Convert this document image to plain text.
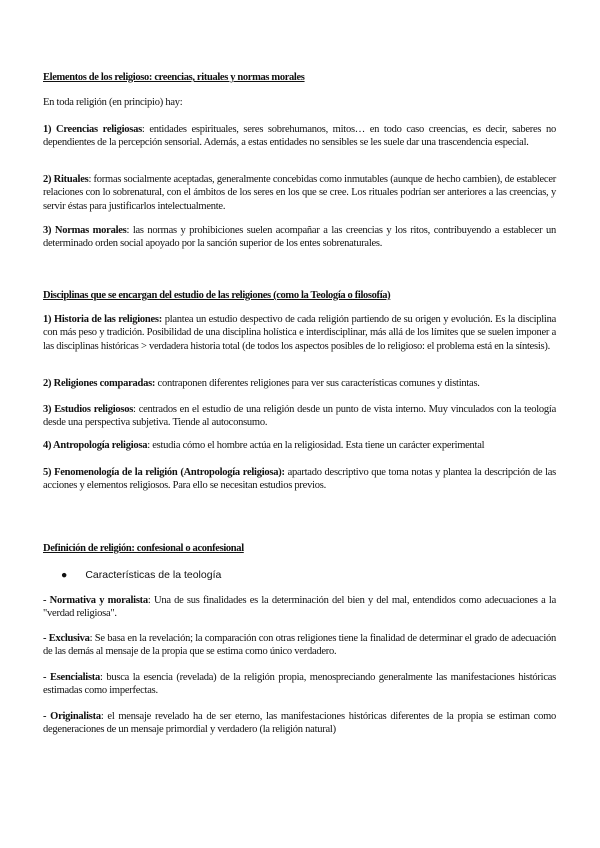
Elementos de los religioso: creencias, rituales y normas morales
En toda religión (en principio) hay:
1) Creencias religiosas: entidades espirituales, seres sobrehumanos, mitos… en todo caso creencias, es decir, saberes no dependientes de la percepción sensorial. Además, a estas entidades no sensibles se les suele dar una trascendencia especial.
2) Rituales: formas socialmente aceptadas, generalmente concebidas como inmutables (aunque de hecho cambien), de establecer relaciones con lo sobrenatural, con el ámbitos de los seres en los que se cree. Los rituales podrían ser anteriores a las creencias, y servir éstas para justificarlos intelectualmente.
3) Normas morales: las normas y prohibiciones suelen acompañar a las creencias y los ritos, contribuyendo a establecer un determinado orden social apoyado por la sanción superior de los entes sobrenaturales.
Disciplinas que se encargan del estudio de las religiones (como la Teología o filosofía)
1) Historia de las religiones: plantea un estudio despectivo de cada religión partiendo de su origen y evolución. Es la disciplina con más peso y tradición. Posibilidad de una disciplina holística e interdisciplinar, más allá de los límites que se suelen imponer a las disciplinas históricas > verdadera historia total (de todos los aspectos posibles de lo religioso: el problema está en la síntesis).
2) Religiones comparadas: contraponen diferentes religiones para ver sus características comunes y distintas.
3) Estudios religiosos: centrados en el estudio de una religión desde un punto de vista interno. Muy vinculados con la teología desde una perspectiva subjetiva. Tiende al autoconsumo.
4) Antropología religiosa: estudia cómo el hombre actúa en la religiosidad. Esta tiene un carácter experimental
5) Fenomenología de la religión (Antropología religiosa): apartado descriptivo que toma notas y plantea la descripción de las acciones y elementos religiosos. Para ello se necesitan estudios previos.
Definición de religión: confesional o aconfesional
● Características de la teología
- Normativa y moralista: Una de sus finalidades es la determinación del bien y del mal, entendidos como adecuaciones a la "verdad religiosa".
- Exclusiva: Se basa en la revelación; la comparación con otras religiones tiene la finalidad de determinar el grado de adecuación de las demás al mensaje de la propia que se estima como único verdadero.
- Esencialista: busca la esencia (revelada) de la religión propia, menospreciando generalmente las manifestaciones históricas estimadas como imperfectas.
- Originalista: el mensaje revelado ha de ser eterno, las manifestaciones históricas diferentes de la propia se estiman como degeneraciones de un mensaje primordial y verdadero (la religión natural)
